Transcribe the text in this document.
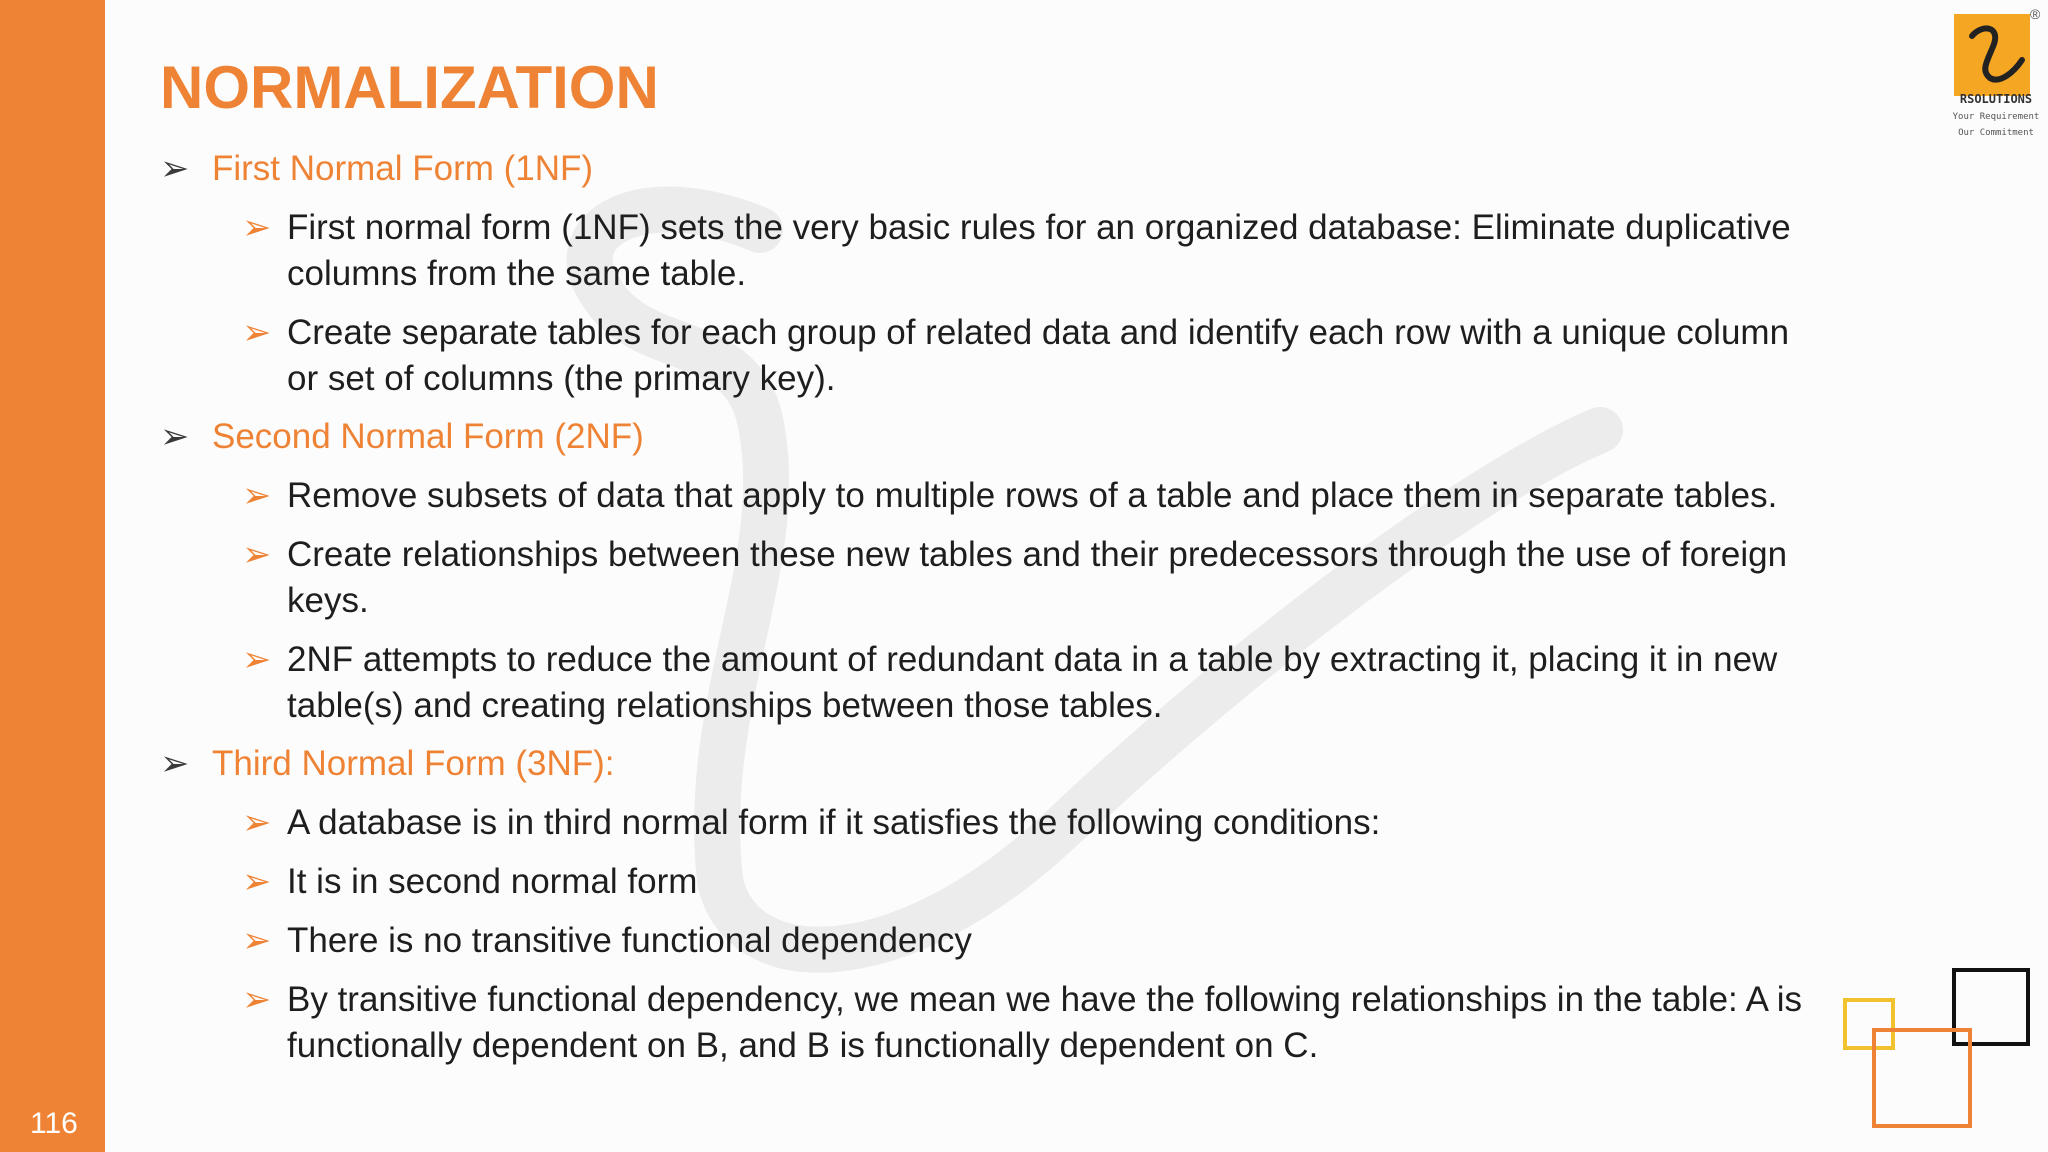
116
NORMALIZATION
➢ First Normal Form (1NF)
➢ First normal form (1NF) sets the very basic rules for an organized database: Eliminate duplicative columns from the same table.
➢ Create separate tables for each group of related data and identify each row with a unique column or set of columns (the primary key).
➢ Second Normal Form (2NF)
➢ Remove subsets of data that apply to multiple rows of a table and place them in separate tables.
➢ Create relationships between these new tables and their predecessors through the use of foreign keys.
➢ 2NF attempts to reduce the amount of redundant data in a table by extracting it, placing it in new table(s) and creating relationships between those tables.
➢ Third Normal Form (3NF):
➢ A database is in third normal form if it satisfies the following conditions:
➢ It is in second normal form
➢ There is no transitive functional dependency
➢ By transitive functional dependency, we mean we have the following relationships in the table: A is functionally dependent on B, and B is functionally dependent on C.
RSOLUTIONS
Your Requirement
Our Commitment
®
